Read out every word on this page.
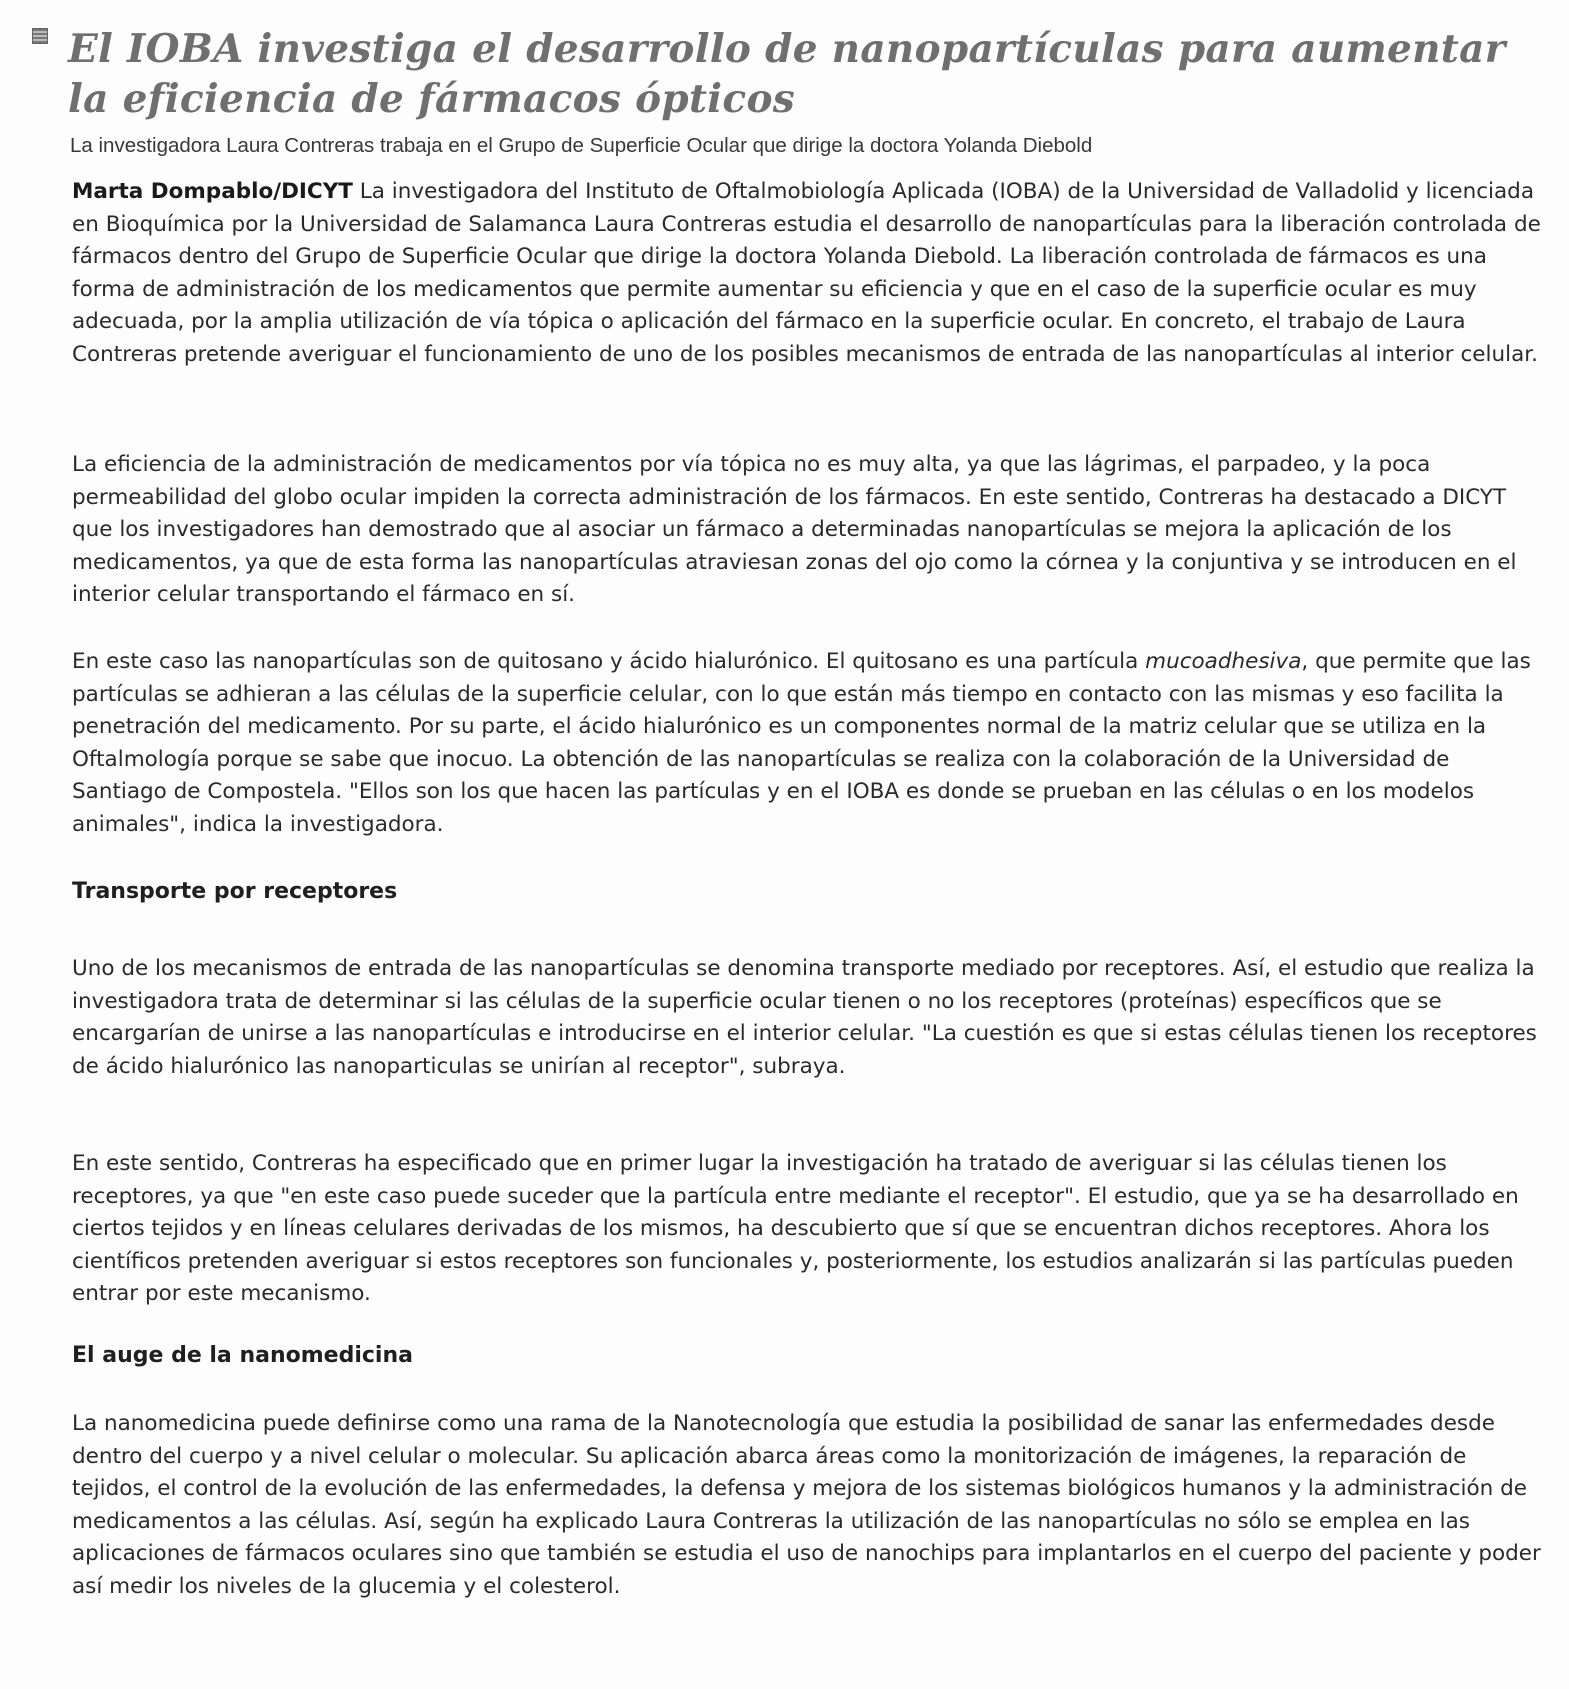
El IOBA investiga el desarrollo de nanopartículas para aumentar la eficiencia de fármacos ópticos

La investigadora Laura Contreras trabaja en el Grupo de Superficie Ocular que dirige la doctora Yolanda Diebold

Marta Dompablo/DICYT La investigadora del Instituto de Oftalmobiología Aplicada (IOBA) de la Universidad de Valladolid y licenciada en Bioquímica por la Universidad de Salamanca Laura Contreras estudia el desarrollo de nanopartículas para la liberación controlada de fármacos dentro del Grupo de Superficie Ocular que dirige la doctora Yolanda Diebold. La liberación controlada de fármacos es una forma de administración de los medicamentos que permite aumentar su eficiencia y que en el caso de la superficie ocular es muy adecuada, por la amplia utilización de vía tópica o aplicación del fármaco en la superficie ocular. En concreto, el trabajo de Laura Contreras pretende averiguar el funcionamiento de uno de los posibles mecanismos de entrada de las nanopartículas al interior celular.

La eficiencia de la administración de medicamentos por vía tópica no es muy alta, ya que las lágrimas, el parpadeo, y la poca permeabilidad del globo ocular impiden la correcta administración de los fármacos. En este sentido, Contreras ha destacado a DICYT que los investigadores han demostrado que al asociar un fármaco a determinadas nanopartículas se mejora la aplicación de los medicamentos, ya que de esta forma las nanopartículas atraviesan zonas del ojo como la córnea y la conjuntiva y se introducen en el interior celular transportando el fármaco en sí.

En este caso las nanopartículas son de quitosano y ácido hialurónico. El quitosano es una partícula mucoadhesiva, que permite que las partículas se adhieran a las células de la superficie celular, con lo que están más tiempo en contacto con las mismas y eso facilita la penetración del medicamento. Por su parte, el ácido hialurónico es un componentes normal de la matriz celular que se utiliza en la Oftalmología porque se sabe que inocuo. La obtención de las nanopartículas se realiza con la colaboración de la Universidad de Santiago de Compostela. "Ellos son los que hacen las partículas y en el IOBA es donde se prueban en las células o en los modelos animales", indica la investigadora.

Transporte por receptores

Uno de los mecanismos de entrada de las nanopartículas se denomina transporte mediado por receptores. Así, el estudio que realiza la investigadora trata de determinar si las células de la superficie ocular tienen o no los receptores (proteínas) específicos que se encargarían de unirse a las nanopartículas e introducirse en el interior celular. "La cuestión es que si estas células tienen los receptores de ácido hialurónico las nanoparticulas se unirían al receptor", subraya.

En este sentido, Contreras ha especificado que en primer lugar la investigación ha tratado de averiguar si las células tienen los receptores, ya que "en este caso puede suceder que la partícula entre mediante el receptor". El estudio, que ya se ha desarrollado en ciertos tejidos y en líneas celulares derivadas de los mismos, ha descubierto que sí que se encuentran dichos receptores. Ahora los científicos pretenden averiguar si estos receptores son funcionales y, posteriormente, los estudios analizarán si las partículas pueden entrar por este mecanismo.

El auge de la nanomedicina

La nanomedicina puede definirse como una rama de la Nanotecnología que estudia la posibilidad de sanar las enfermedades desde dentro del cuerpo y a nivel celular o molecular. Su aplicación abarca áreas como la monitorización de imágenes, la reparación de tejidos, el control de la evolución de las enfermedades, la defensa y mejora de los sistemas biológicos humanos y la administración de medicamentos a las células. Así, según ha explicado Laura Contreras la utilización de las nanopartículas no sólo se emplea en las aplicaciones de fármacos oculares sino que también se estudia el uso de nanochips para implantarlos en el cuerpo del paciente y poder así medir los niveles de la glucemia y el colesterol.
